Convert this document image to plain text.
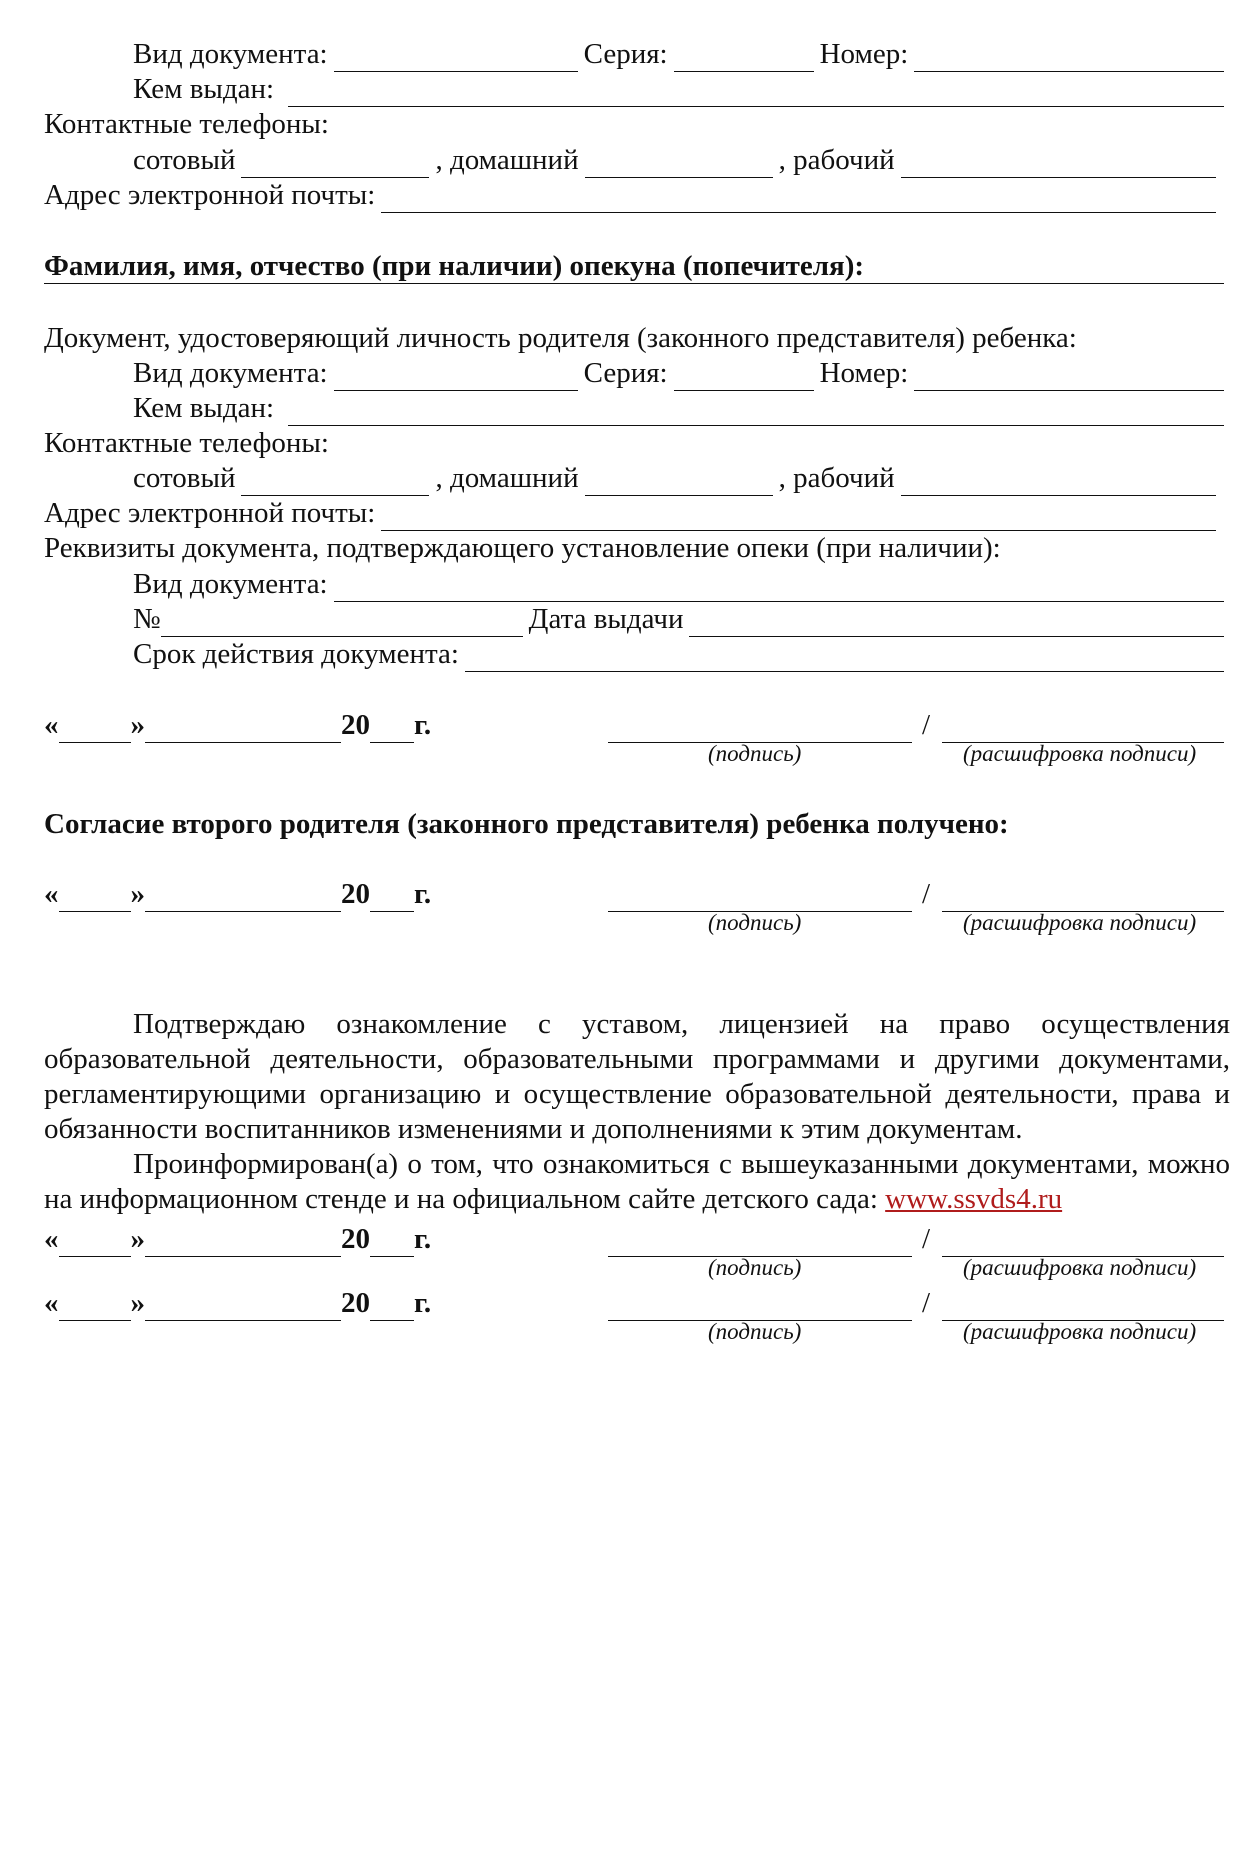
Вид документа:	Серия:	Номер:
Кем выдан:
Контактные телефоны:
сотовый	, домашний	, рабочий
Адрес электронной почты:
Фамилия, имя, отчество (при наличии) опекуна (попечителя):
Документ, удостоверяющий личность родителя (законного представителя) ребенка:
Вид документа:	Серия:	Номер:
Кем выдан:
Контактные телефоны:
сотовый	, домашний	, рабочий
Адрес электронной почты:
Реквизиты документа, подтверждающего установление опеки (при наличии):
Вид документа:
№	Дата выдачи
Срок действия документа:
« »	20 г.	/
(подпись)	(расшифровка подписи)
Согласие второго родителя (законного представителя) ребенка получено:
« »	20 г.	/
(подпись)	(расшифровка подписи)
Подтверждаю ознакомление с уставом, лицензией на право осуществления образовательной деятельности, образовательными программами и другими документами, регламентирующими организацию и осуществление образовательной деятельности, права и обязанности воспитанников изменениями и дополнениями к этим документам.
Проинформирован(а) о том, что ознакомиться с вышеуказанными документами, можно на информационном стенде и на официальном сайте детского сада: www.ssvds4.ru
« »	20 г.	/
(подпись)	(расшифровка подписи)
« »	20 г.	/
(подпись)	(расшифровка подписи)
